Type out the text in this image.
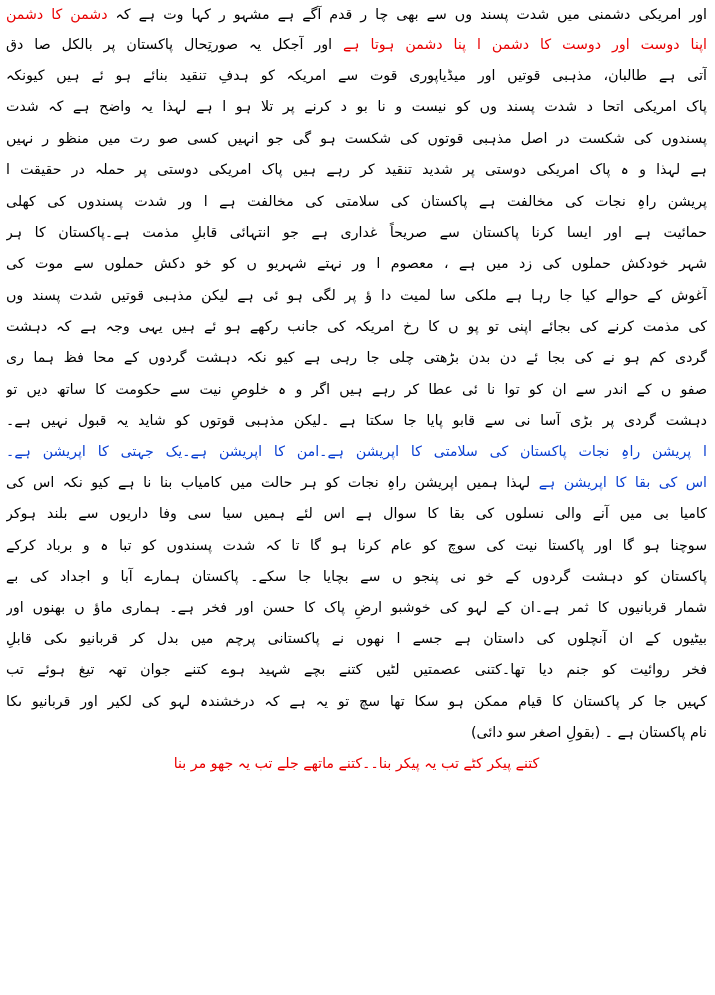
اور امریکی دشمنی میں شدت پسند وں سے بھی چا ر قدم آگے ہے مشہو ر کہا وت ہے کہ دشمن کا دشمن
اپنا دوست اور دوست کا دشمن ا پنا دشمن ہوتا ہے اور آجکل یہ صورتِحال پاکستان پر بالکل صا دق
آتی ہے طالبان، مذہبی قوتیں اور میڈیاپوری قوت سے امریکہ کو ہدفِ تنقید بنائے ہو ئے ہیں کیونکہ
پاک امریکی اتحا د شدت پسند وں کو نیست و نا بو د کرنے پر تلا ہو ا ہے لہذا یہ واضح ہے کہ شدت
پسندوں کی شکست در اصل مذہبی قوتوں کی شکست ہو گی جو انہیں کسی صو رت میں منظو ر نہیں
ہے لہذا و ہ پاک امریکی دوستی پر شدید تنقید کر رہے ہیں پاک امریکی دوستی پر حملہ در حقیقت ا
پریشن راہِ نجات کی مخالفت ہے پاکستان کی سلامتی کی مخالفت ہے ا ور شدت پسندوں کی کھلی
حمائیت ہے اور ایسا کرنا پاکستان سے صریحاً غداری ہے جو انتہائی قابلِ مذمت ہے۔پاکستان کا ہر
شہر خودکش حملوں کی زد میں ہے ، معصوم ا ور نہتے شہریو ں کو خو دکش حملوں سے موت کی
آغوش کے حوالے کیا جا رہا ہے ملکی سا لمیت دا ؤ پر لگی ہو ئی ہے لیکن مذہبی قوتیں شدت پسند وں
کی مذمت کرنے کی بجائے اپنی تو پو ں کا رخ امریکہ کی جانب رکھے ہو ئے ہیں یہی وجہ ہے کہ دہشت
گردی کم ہو نے کی بجا ئے دن بدن بڑھتی چلی جا رہی ہے کیو نکہ دہشت گردوں کے محا فظ ہما ری
صفو ں کے اندر سے ان کو توا نا ئی عطا کر رہے ہیں اگر و ہ خلوصِ نیت سے حکومت کا ساتھ دیں تو
دہشت گردی پر بڑی آسا نی سے قابو پایا جا سکتا ہے ۔لیکن مذہبی قوتوں کو شاید یہ قبول نہیں ہے۔
ا پریشن راہِ نجات پاکستان کی سلامتی کا اپریشن ہے۔امن کا اپریشن ہے۔یک جہتی کا اپریشن ہے۔
اس کی بقا کا اپریشن ہے لہذا ہمیں اپریشن راہِ نجات کو ہر حالت میں کامیاب بنا نا ہے کیو نکہ اس کی
کامیا بی میں آنے والی نسلوں کی بقا کا سوال ہے اس لئے ہمیں سیا سی وفا داریوں سے بلند ہوکر
سوچنا ہو گا اور پاکستا نیت کی سوچ کو عام کرنا ہو گا تا کہ شدت پسندوں کو تبا ہ و برباد کرکے
پاکستان کو دہشت گردوں کے خو نی پنجو ں سے بچایا جا سکے۔ پاکستان ہمارے آبا و اجداد کی بے
شمار قربانیوں کا ثمر ہے۔ان کے لہو کی خوشبو ارضِ پاک کا حسن اور فخر ہے۔ ہماری ماؤ ں بھنوں اور
بیٹیوں کے ان آنچلوں کی داستان ہے جسے ا نھوں نے پاکستانی پرچم میں بدل کر قربانیو ںکی قابلِ
فخر روائیت کو جنم دیا تھا۔کتنی عصمتیں لٹیں کتنے بچے شہید ہوے کتنے جوان تھہ تیغ ہوئے تب
کہیں جا کر پاکستان کا قیام ممکن ہو سکا تھا سچ تو یہ ہے کہ درخشندہ لہو کی لکیر اور قربانیو ںکا
نام پاکستان ہے ۔ (بقولِ اصغر سو دائی)
کتنے پیکر کٹے تب یہ پیکر بنا۔۔کتنے ماتھے جلے تب یہ جھو مر بنا
